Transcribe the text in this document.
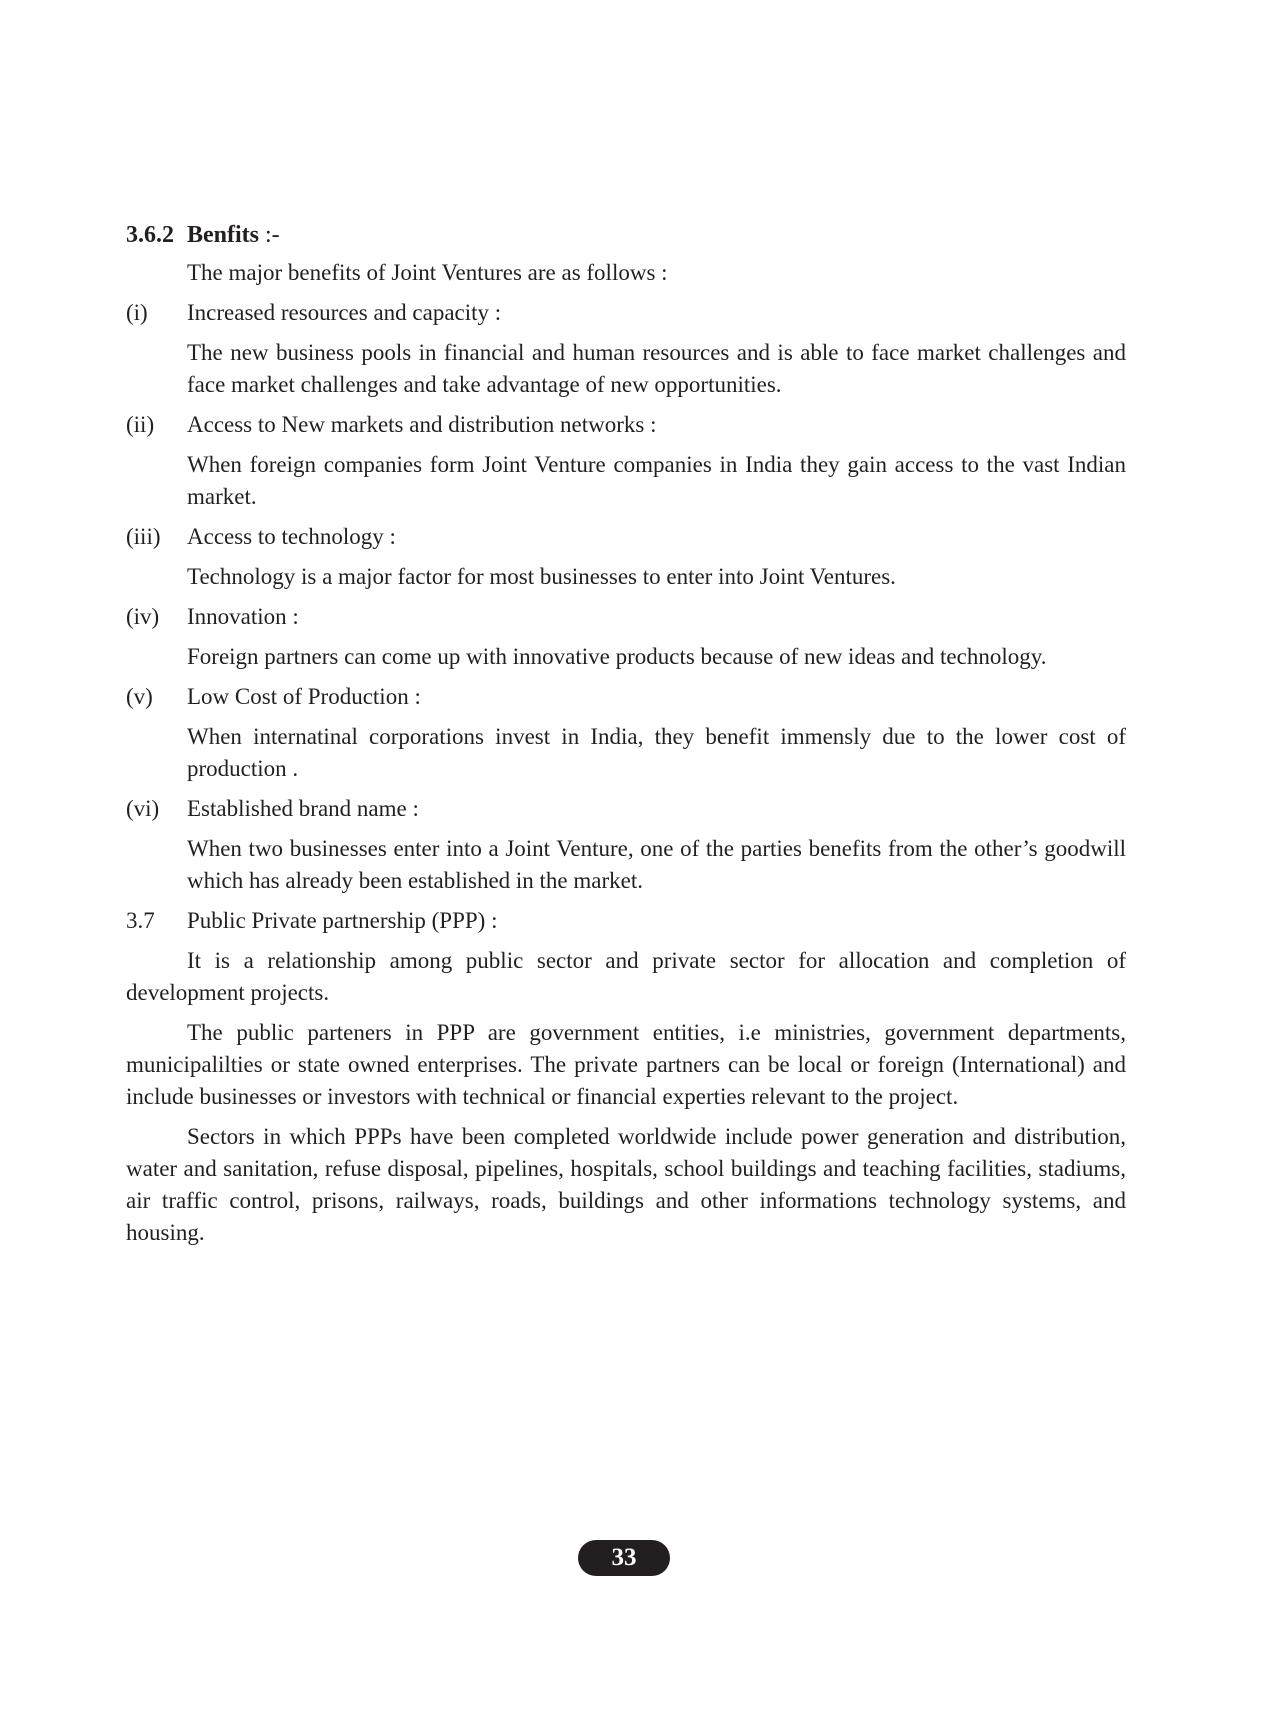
3.6.2 Benfits :-
The major benefits of Joint Ventures are as follows :
(i)	Increased resources and capacity :
The new business pools in financial and human resources and is able to face market challenges and face market challenges and take advantage of new opportunities.
(ii)	Access to New markets and distribution networks :
When foreign companies form Joint Venture companies in India they gain access to the vast Indian market.
(iii)	Access to technology :
Technology is a major factor for most businesses to enter into Joint Ventures.
(iv)	Innovation :
Foreign partners can come up with innovative products because of new ideas and technology.
(v)	Low Cost of Production :
When internatinal corporations invest in India, they benefit immensly due to the lower cost of production .
(vi)	Established brand name :
When two businesses enter into a Joint Venture, one of the parties benefits from the other’s goodwill which has already been established in the market.
3.7	Public Private partnership (PPP) :

It is a relationship among public sector and private sector for allocation and completion of development projects.

The public parteners in PPP are government entities, i.e ministries, government departments, municipalilties or state owned enterprises. The private partners can be local or foreign (International) and include businesses or investors with technical or financial experties relevant to the project.

Sectors in which PPPs have been completed worldwide include power generation and distribution, water and sanitation, refuse disposal, pipelines, hospitals, school buildings and teaching facilities, stadiums, air traffic control, prisons, railways, roads, buildings and other informations technology systems, and housing.

33
